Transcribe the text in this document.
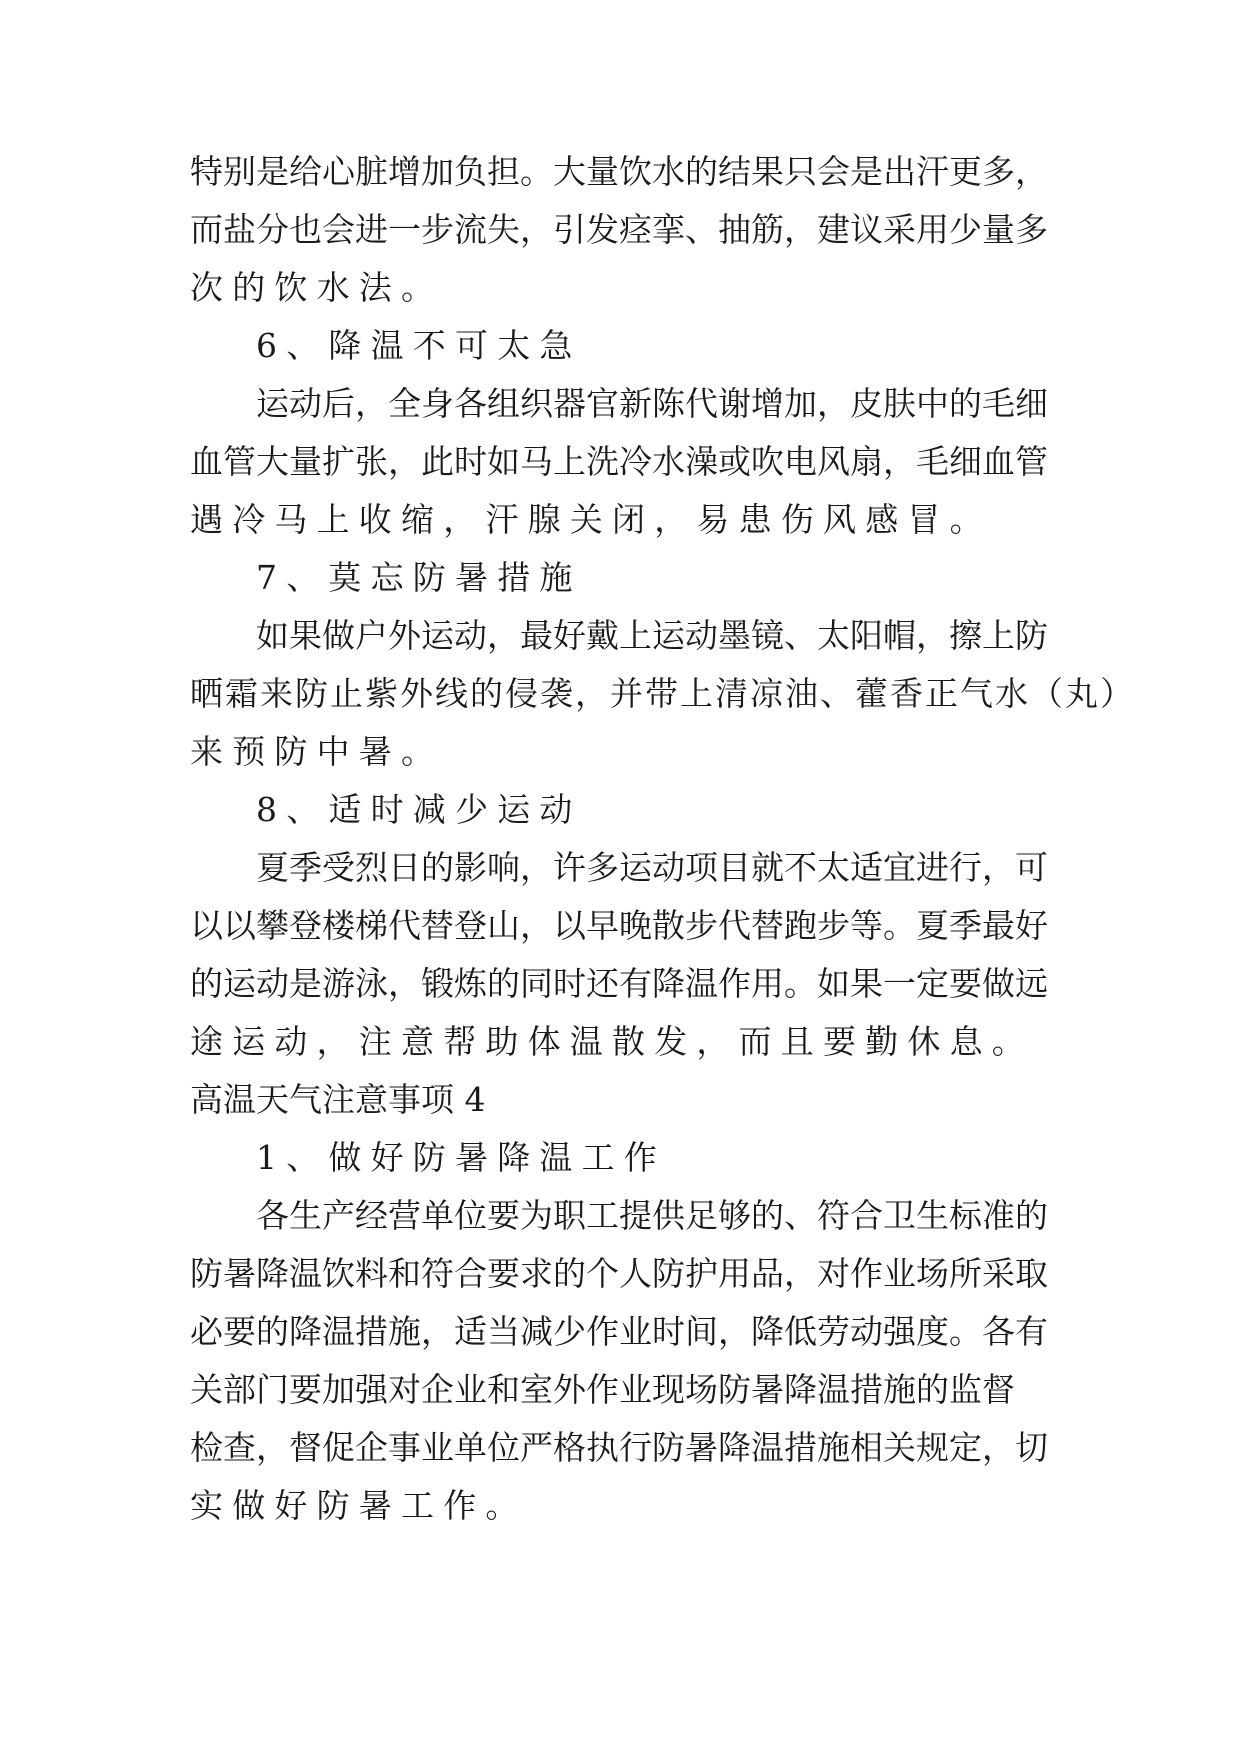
特别是给心脏增加负担。大量饮水的结果只会是出汗更多，
而盐分也会进一步流失，引发痉挛、抽筋，建议采用少量多
次的饮水法。
6、降温不可太急
运动后，全身各组织器官新陈代谢增加，皮肤中的毛细
血管大量扩张，此时如马上洗冷水澡或吹电风扇，毛细血管
遇冷马上收缩，汗腺关闭，易患伤风感冒。
7、莫忘防暑措施
如果做户外运动，最好戴上运动墨镜、太阳帽，擦上防
晒霜来防止紫外线的侵袭，并带上清凉油、藿香正气水（丸）
来预防中暑。
8、适时减少运动
夏季受烈日的影响，许多运动项目就不太适宜进行，可
以以攀登楼梯代替登山，以早晚散步代替跑步等。夏季最好
的运动是游泳，锻炼的同时还有降温作用。如果一定要做远
途运动，注意帮助体温散发，而且要勤休息。
高温天气注意事项 4
1、做好防暑降温工作
各生产经营单位要为职工提供足够的、符合卫生标准的
防暑降温饮料和符合要求的个人防护用品，对作业场所采取
必要的降温措施，适当减少作业时间，降低劳动强度。各有
关部门要加强对企业和室外作业现场防暑降温措施的监督
检查，督促企事业单位严格执行防暑降温措施相关规定，切
实做好防暑工作。
